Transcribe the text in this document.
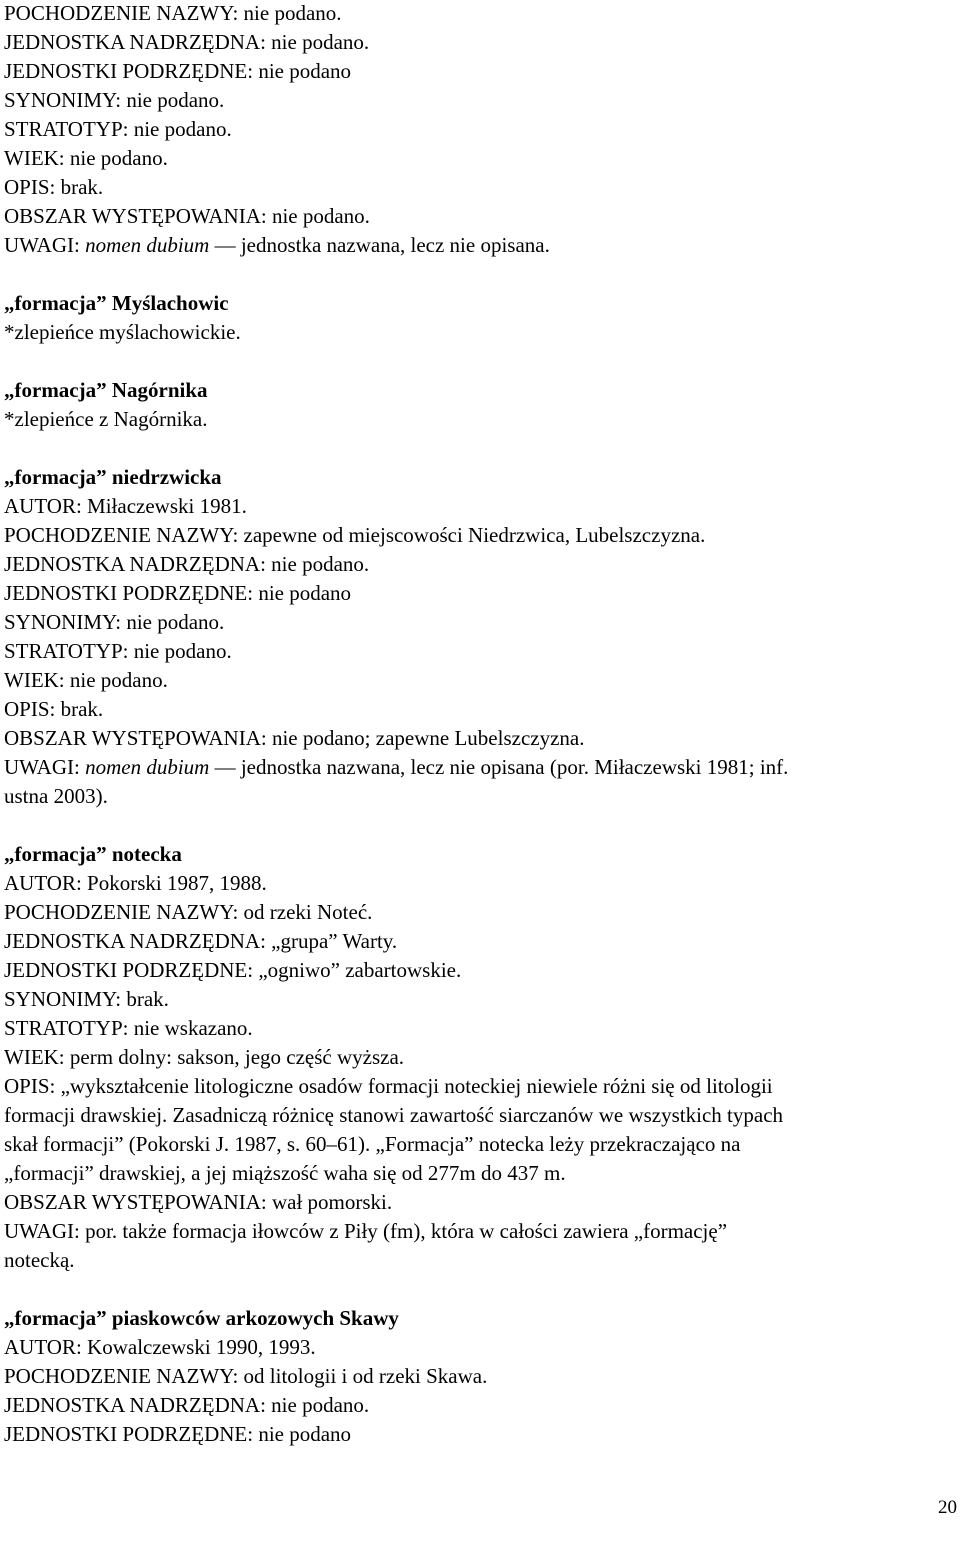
POCHODZENIE NAZWY: nie podano.
JEDNOSTKA NADRZĘDNA: nie podano.
JEDNOSTKI PODRZĘDNE: nie podano
SYNONIMY: nie podano.
STRATOTYP: nie podano.
WIEK: nie podano.
OPIS: brak.
OBSZAR WYSTĘPOWANIA: nie podano.
UWAGI: nomen dubium — jednostka nazwana, lecz nie opisana.
„formacja” Myślachowic
*zlepieńce myślachowickie.
„formacja” Nagórnika
*zlepieńce z Nagórnika.
„formacja” niedrzwicka
AUTOR: Miłaczewski 1981.
POCHODZENIE NAZWY: zapewne od miejscowości Niedrzwica, Lubelszczyzna.
JEDNOSTKA NADRZĘDNA: nie podano.
JEDNOSTKI PODRZĘDNE: nie podano
SYNONIMY: nie podano.
STRATOTYP: nie podano.
WIEK: nie podano.
OPIS: brak.
OBSZAR WYSTĘPOWANIA: nie podano; zapewne Lubelszczyzna.
UWAGI: nomen dubium — jednostka nazwana, lecz nie opisana (por. Miłaczewski 1981; inf.
ustna 2003).
„formacja” notecka
AUTOR: Pokorski 1987, 1988.
POCHODZENIE NAZWY: od rzeki Noteć.
JEDNOSTKA NADRZĘDNA: „grupa” Warty.
JEDNOSTKI PODRZĘDNE: „ogniwo” zabartowskie.
SYNONIMY: brak.
STRATOTYP: nie wskazano.
WIEK: perm dolny: sakson, jego część wyższa.
OPIS: „wykształcenie litologiczne osadów formacji noteckiej niewiele różni się od litologii
formacji drawskiej. Zasadniczą różnicę stanowi zawartość siarczanów we wszystkich typach
skał formacji” (Pokorski J. 1987, s. 60–61). „Formacja” notecka leży przekraczająco na
„formacji” drawskiej, a jej miąższość waha się od 277m do 437 m.
OBSZAR WYSTĘPOWANIA: wał pomorski.
UWAGI: por. także formacja iłowców z Piły (fm), która w całości zawiera „formację”
notecką.
„formacja” piaskowców arkozowych Skawy
AUTOR: Kowalczewski 1990, 1993.
POCHODZENIE NAZWY: od litologii i od rzeki Skawa.
JEDNOSTKA NADRZĘDNA: nie podano.
JEDNOSTKI PODRZĘDNE: nie podano
20
